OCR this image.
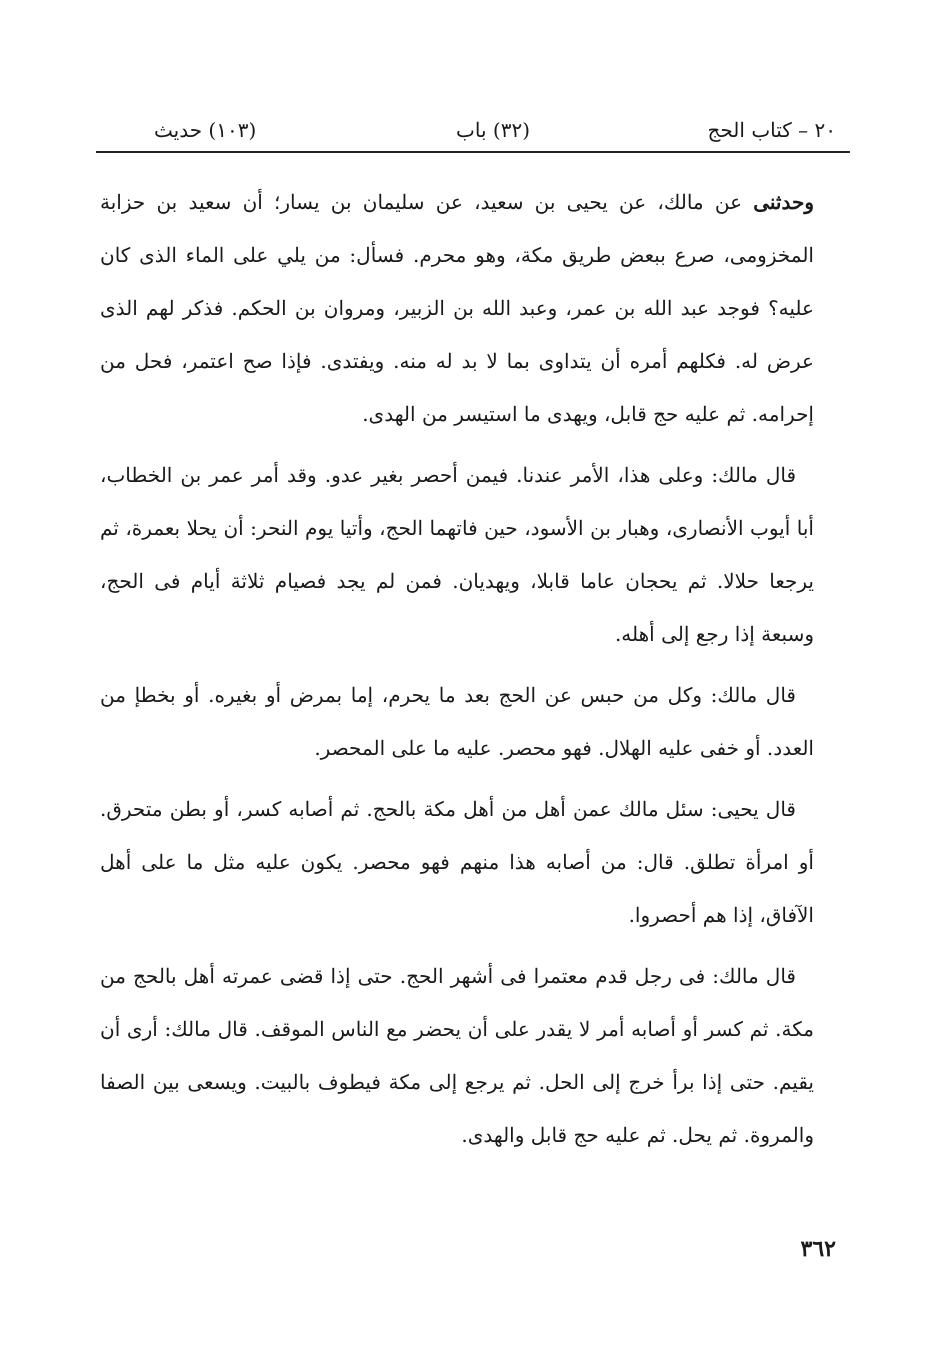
٢٠ – كتاب الحج
(٣٢) باب
(١٠٣) حديث

وحدثنى عن مالك، عن يحيى بن سعيد، عن سليمان بن يسار؛ أن سعيد بن حزابة المخزومى، صرع ببعض طريق مكة، وهو محرم. فسأل: من يلي على الماء الذى كان عليه؟ فوجد عبد الله بن عمر، وعبد الله بن الزبير، ومروان بن الحكم. فذكر لهم الذى عرض له. فكلهم أمره أن يتداوى بما لا بد له منه. ويفتدى. فإذا صح اعتمر، فحل من إحرامه. ثم عليه حج قابل، ويهدى ما استيسر من الهدى.

قال مالك: وعلى هذا، الأمر عندنا. فيمن أحصر بغير عدو. وقد أمر عمر بن الخطاب، أبا أيوب الأنصارى، وهبار بن الأسود، حين فاتهما الحج، وأتيا يوم النحر: أن يحلا بعمرة، ثم يرجعا حلالا. ثم يحجان عاما قابلا، ويهديان. فمن لم يجد فصيام ثلاثة أيام فى الحج، وسبعة إذا رجع إلى أهله.

قال مالك: وكل من حبس عن الحج بعد ما يحرم، إما بمرض أو بغيره. أو بخطإ من العدد. أو خفى عليه الهلال. فهو محصر. عليه ما على المحصر.

قال يحيى: سئل مالك عمن أهل من أهل مكة بالحج. ثم أصابه كسر، أو بطن متحرق. أو امرأة تطلق. قال: من أصابه هذا منهم فهو محصر. يكون عليه مثل ما على أهل الآفاق، إذا هم أحصروا.

قال مالك: فى رجل قدم معتمرا فى أشهر الحج. حتى إذا قضى عمرته أهل بالحج من مكة. ثم كسر أو أصابه أمر لا يقدر على أن يحضر مع الناس الموقف. قال مالك: أرى أن يقيم. حتى إذا برأ خرج إلى الحل. ثم يرجع إلى مكة فيطوف بالبيت. ويسعى بين الصفا والمروة. ثم يحل. ثم عليه حج قابل والهدى.

٣٦٢
